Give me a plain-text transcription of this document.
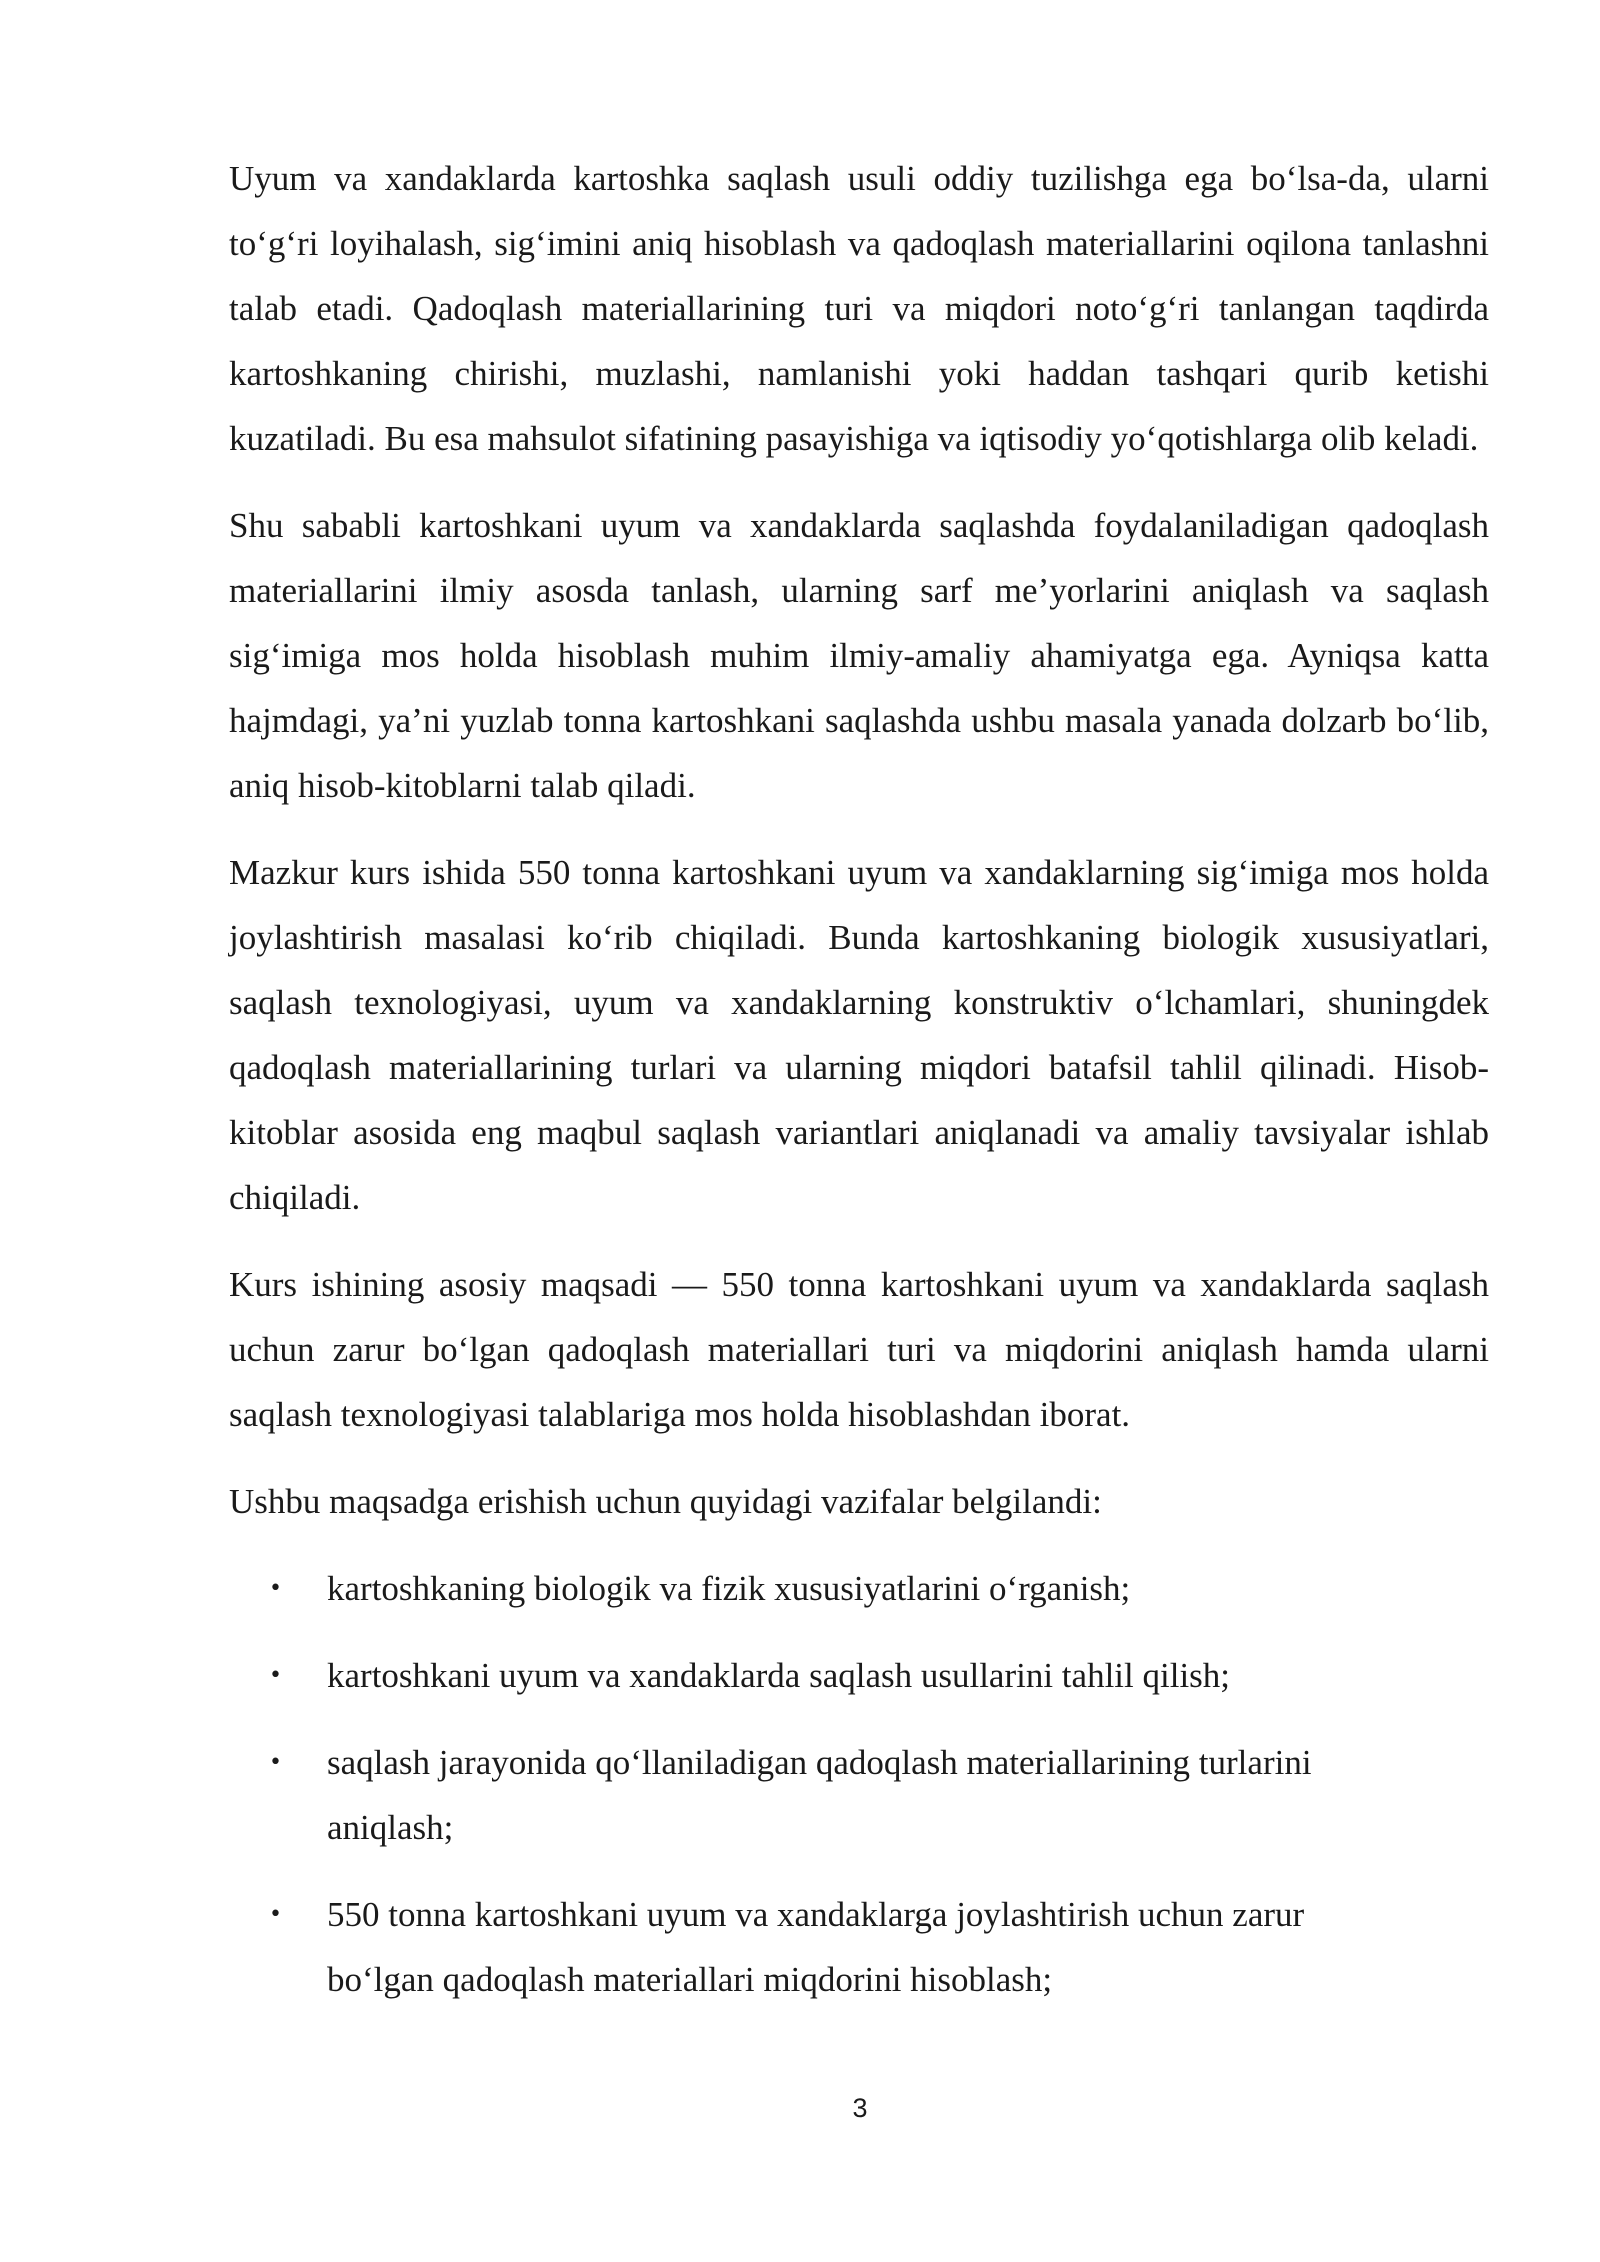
Uyum va xandaklarda kartoshka saqlash usuli oddiy tuzilishga ega bo‘lsa-da, ularni to‘g‘ri loyihalash, sig‘imini aniq hisoblash va qadoqlash materiallarini oqilona tanlashni talab etadi. Qadoqlash materiallarining turi va miqdori noto‘g‘ri tanlangan taqdirda kartoshkaning chirishi, muzlashi, namlanishi yoki haddan tashqari qurib ketishi kuzatiladi. Bu esa mahsulot sifatining pasayishiga va iqtisodiy yo‘qotishlarga olib keladi.

Shu sababli kartoshkani uyum va xandaklarda saqlashda foydalaniladigan qadoqlash materiallarini ilmiy asosda tanlash, ularning sarf me’yorlarini aniqlash va saqlash sig‘imiga mos holda hisoblash muhim ilmiy-amaliy ahamiyatga ega. Ayniqsa katta hajmdagi, ya’ni yuzlab tonna kartoshkani saqlashda ushbu masala yanada dolzarb bo‘lib, aniq hisob-kitoblarni talab qiladi.

Mazkur kurs ishida 550 tonna kartoshkani uyum va xandaklarning sig‘imiga mos holda joylashtirish masalasi ko‘rib chiqiladi. Bunda kartoshkaning biologik xususiyatlari, saqlash texnologiyasi, uyum va xandaklarning konstruktiv o‘lchamlari, shuningdek qadoqlash materiallarining turlari va ularning miqdori batafsil tahlil qilinadi. Hisob-kitoblar asosida eng maqbul saqlash variantlari aniqlanadi va amaliy tavsiyalar ishlab chiqiladi.

Kurs ishining asosiy maqsadi — 550 tonna kartoshkani uyum va xandaklarda saqlash uchun zarur bo‘lgan qadoqlash materiallari turi va miqdorini aniqlash hamda ularni saqlash texnologiyasi talablariga mos holda hisoblashdan iborat.

Ushbu maqsadga erishish uchun quyidagi vazifalar belgilandi:

• kartoshkaning biologik va fizik xususiyatlarini o‘rganish;
• kartoshkani uyum va xandaklarda saqlash usullarini tahlil qilish;
• saqlash jarayonida qo‘llaniladigan qadoqlash materiallarining turlarini aniqlash;
• 550 tonna kartoshkani uyum va xandaklarga joylashtirish uchun zarur bo‘lgan qadoqlash materiallari miqdorini hisoblash;
3
